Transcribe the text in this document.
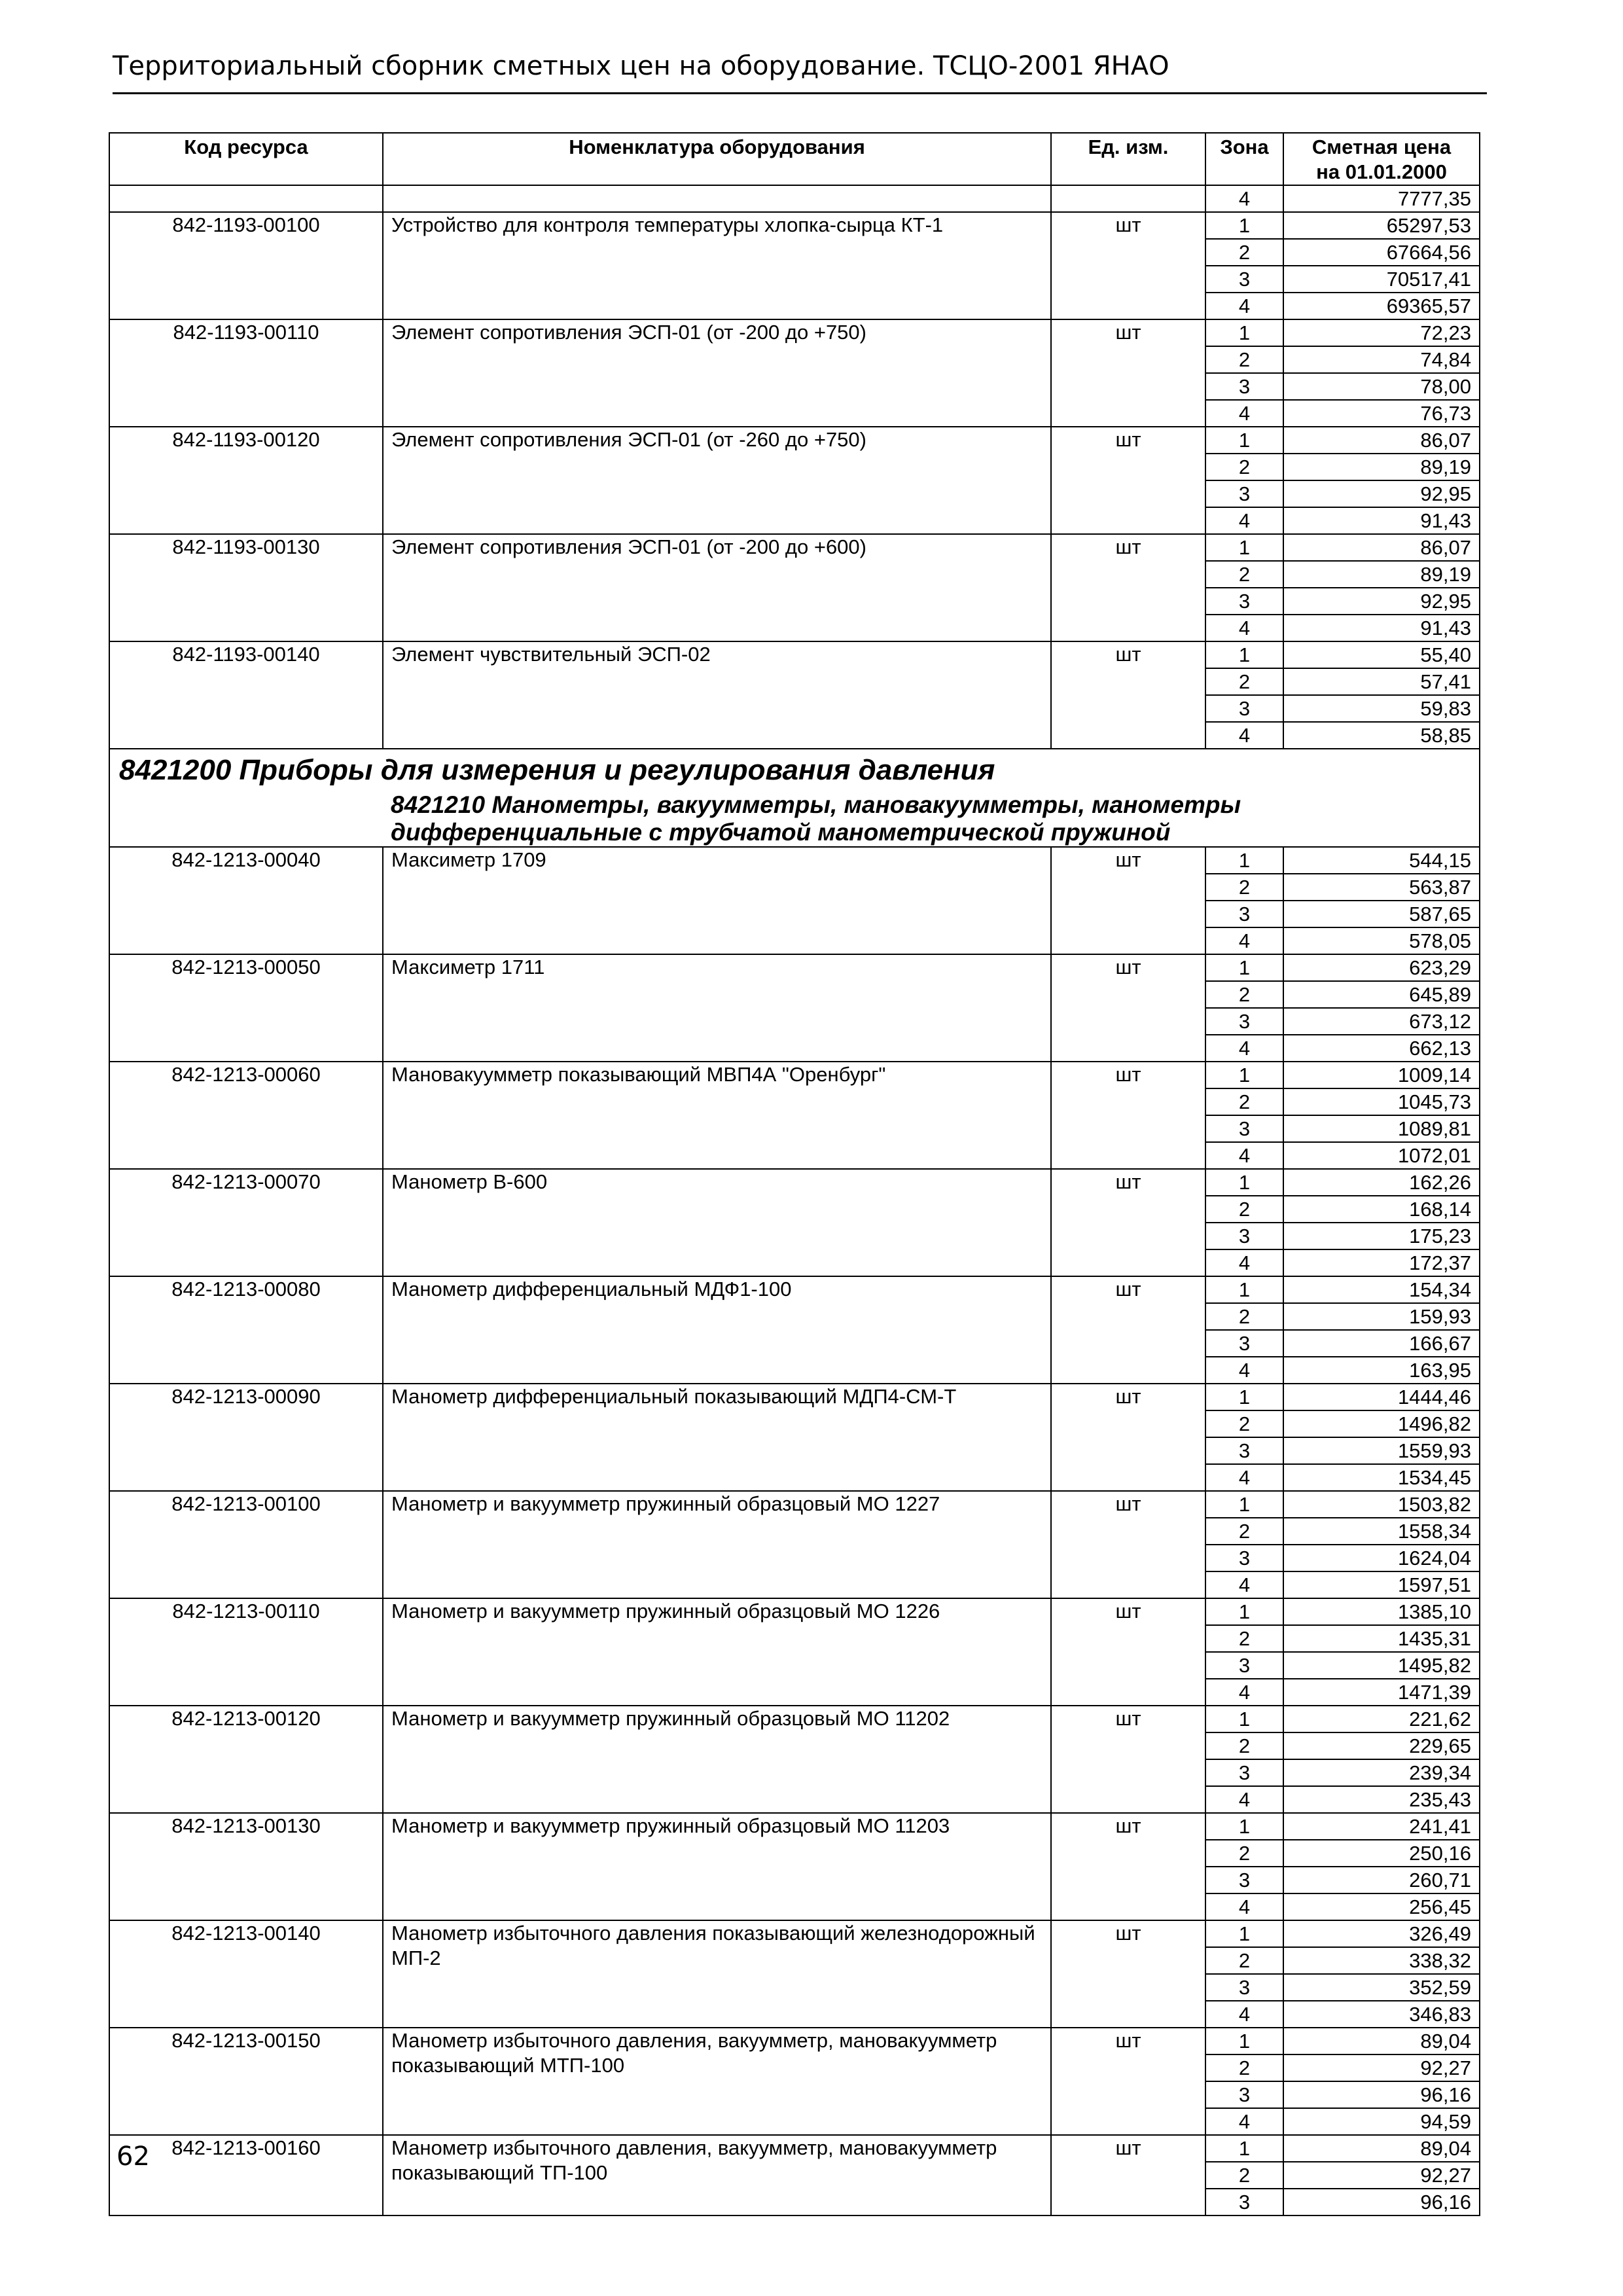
Территориальный сборник сметных цен на оборудование. ТСЦО-2001 ЯНАО
Код ресурса	Номенклатура оборудования	Ед. изм.	Зона	Сметная цена
на 01.01.2000
			4	7777,35
842-1193-00100	Устройство для контроля температуры хлопка-сырца КТ-1	шт	1	65297,53
			2	67664,56
			3	70517,41
			4	69365,57
842-1193-00110	Элемент сопротивления ЭСП-01 (от -200 до +750)	шт	1	72,23
			2	74,84
			3	78,00
			4	76,73
842-1193-00120	Элемент сопротивления ЭСП-01 (от -260 до +750)	шт	1	86,07
			2	89,19
			3	92,95
			4	91,43
842-1193-00130	Элемент сопротивления ЭСП-01 (от -200 до +600)	шт	1	86,07
			2	89,19
			3	92,95
			4	91,43
842-1193-00140	Элемент чувствительный ЭСП-02	шт	1	55,40
			2	57,41
			3	59,83
			4	58,85
8421200 Приборы для измерения и регулирования давления				
	8421210 Манометры, вакуумметры, мановакуумметры, манометры дифференциальные с трубчатой манометрической пружиной			
842-1213-00040	Максиметр 1709	шт	1	544,15
			2	563,87
			3	587,65
			4	578,05
842-1213-00050	Максиметр 1711	шт	1	623,29
			2	645,89
			3	673,12
			4	662,13
842-1213-00060	Мановакуумметр показывающий МВП4А "Оренбург"	шт	1	1009,14
			2	1045,73
			3	1089,81
			4	1072,01
842-1213-00070	Манометр В-600	шт	1	162,26
			2	168,14
			3	175,23
			4	172,37
842-1213-00080	Манометр дифференциальный МДФ1-100	шт	1	154,34
			2	159,93
			3	166,67
			4	163,95
842-1213-00090	Манометр дифференциальный показывающий МДП4-СМ-Т	шт	1	1444,46
			2	1496,82
			3	1559,93
			4	1534,45
842-1213-00100	Манометр и вакуумметр пружинный образцовый МО 1227	шт	1	1503,82
			2	1558,34
			3	1624,04
			4	1597,51
842-1213-00110	Манометр и вакуумметр пружинный образцовый МО 1226	шт	1	1385,10
			2	1435,31
			3	1495,82
			4	1471,39
842-1213-00120	Манометр и вакуумметр пружинный образцовый МО 11202	шт	1	221,62
			2	229,65
			3	239,34
			4	235,43
842-1213-00130	Манометр и вакуумметр пружинный образцовый МО 11203	шт	1	241,41
			2	250,16
			3	260,71
			4	256,45
842-1213-00140	Манометр избыточного давления показывающий железнодорожный МП-2	шт	1	326,49
			2	338,32
			3	352,59
			4	346,83
842-1213-00150	Манометр избыточного давления, вакуумметр, мановакуумметр показывающий МТП-100	шт	1	89,04
			2	92,27
			3	96,16
			4	94,59
842-1213-00160	Манометр избыточного давления, вакуумметр, мановакуумметр показывающий ТП-100	шт	1	89,04
			2	92,27
			3	96,16
62
